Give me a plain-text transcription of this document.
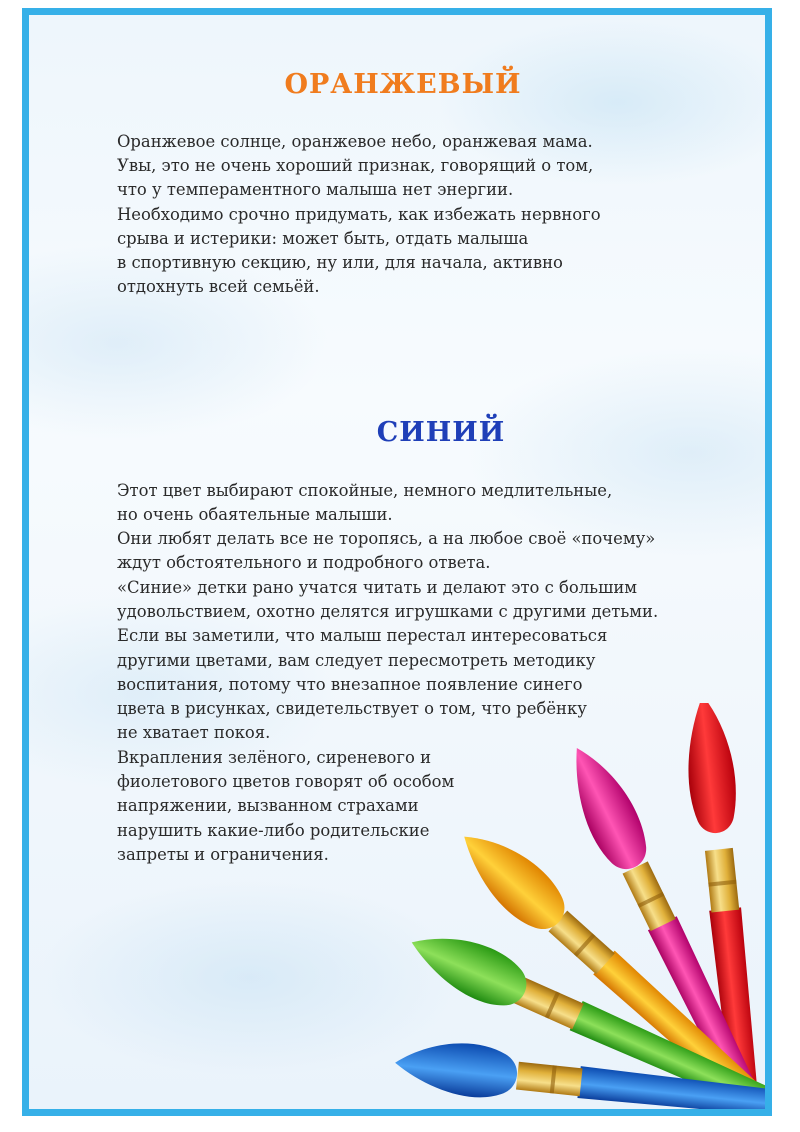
ОРАНЖЕВЫЙ

Оранжевое солнце, оранжевое небо, оранжевая мама.
Увы, это не очень хороший признак, говорящий о том,
что у темпераментного малыша нет энергии.
Необходимо срочно придумать, как избежать нервного
срыва и истерики: может быть, отдать малыша
в спортивную секцию, ну или, для начала, активно
отдохнуть всей семьёй.

СИНИЙ

Этот цвет выбирают спокойные, немного медлительные,
но очень обаятельные малыши.

Они любят делать все не торопясь, а на любое своё «почему»
ждут обстоятельного и подробного ответа.

«Синие» детки рано учатся читать и делают это с большим
удовольствием, охотно делятся игрушками с другими детьми.
Если вы заметили, что малыш перестал интересоваться
другими цветами, вам следует пересмотреть методику
воспитания, потому что внезапное появление синего
цвета в рисунках, свидетельствует о том, что ребёнку
не хватает покоя.

Вкрапления зелёного, сиреневого и
фиолетового цветов говорят об особом
напряжении, вызванном страхами
нарушить какие-либо родительские
запреты и ограничения.
